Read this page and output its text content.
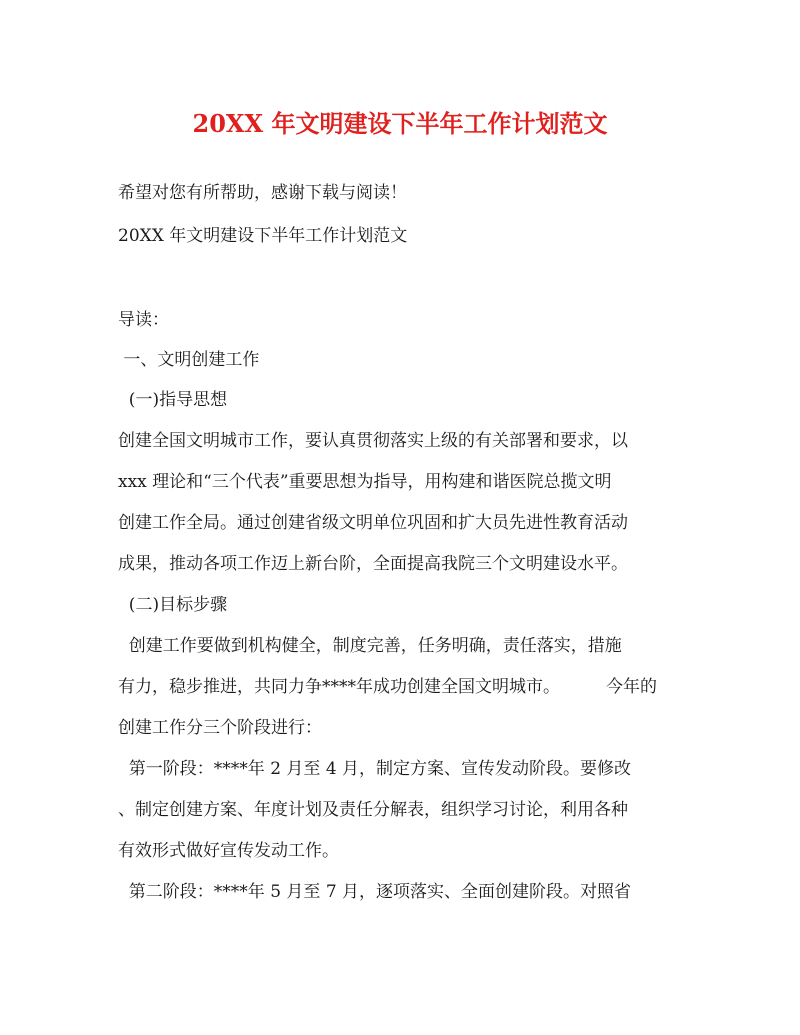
20XX 年文明建设下半年工作计划范文
希望对您有所帮助，感谢下载与阅读！
20XX 年文明建设下半年工作计划范文
导读：
一、文明创建工作
(一)指导思想
创建全国文明城市工作，要认真贯彻落实上级的有关部署和要求，以
xxx 理论和“三个代表”重要思想为指导，用构建和谐医院总揽文明
创建工作全局。通过创建省级文明单位巩固和扩大员先进性教育活动
成果，推动各项工作迈上新台阶，全面提高我院三个文明建设水平。
(二)目标步骤
创建工作要做到机构健全，制度完善，任务明确，责任落实，措施
有力，稳步推进，共同力争****年成功创建全国文明城市。	今年的
创建工作分三个阶段进行：
第一阶段：****年 2 月至 4 月，制定方案、宣传发动阶段。要修改
、制定创建方案、年度计划及责任分解表，组织学习讨论，利用各种
有效形式做好宣传发动工作。
第二阶段：****年 5 月至 7 月，逐项落实、全面创建阶段。对照省
